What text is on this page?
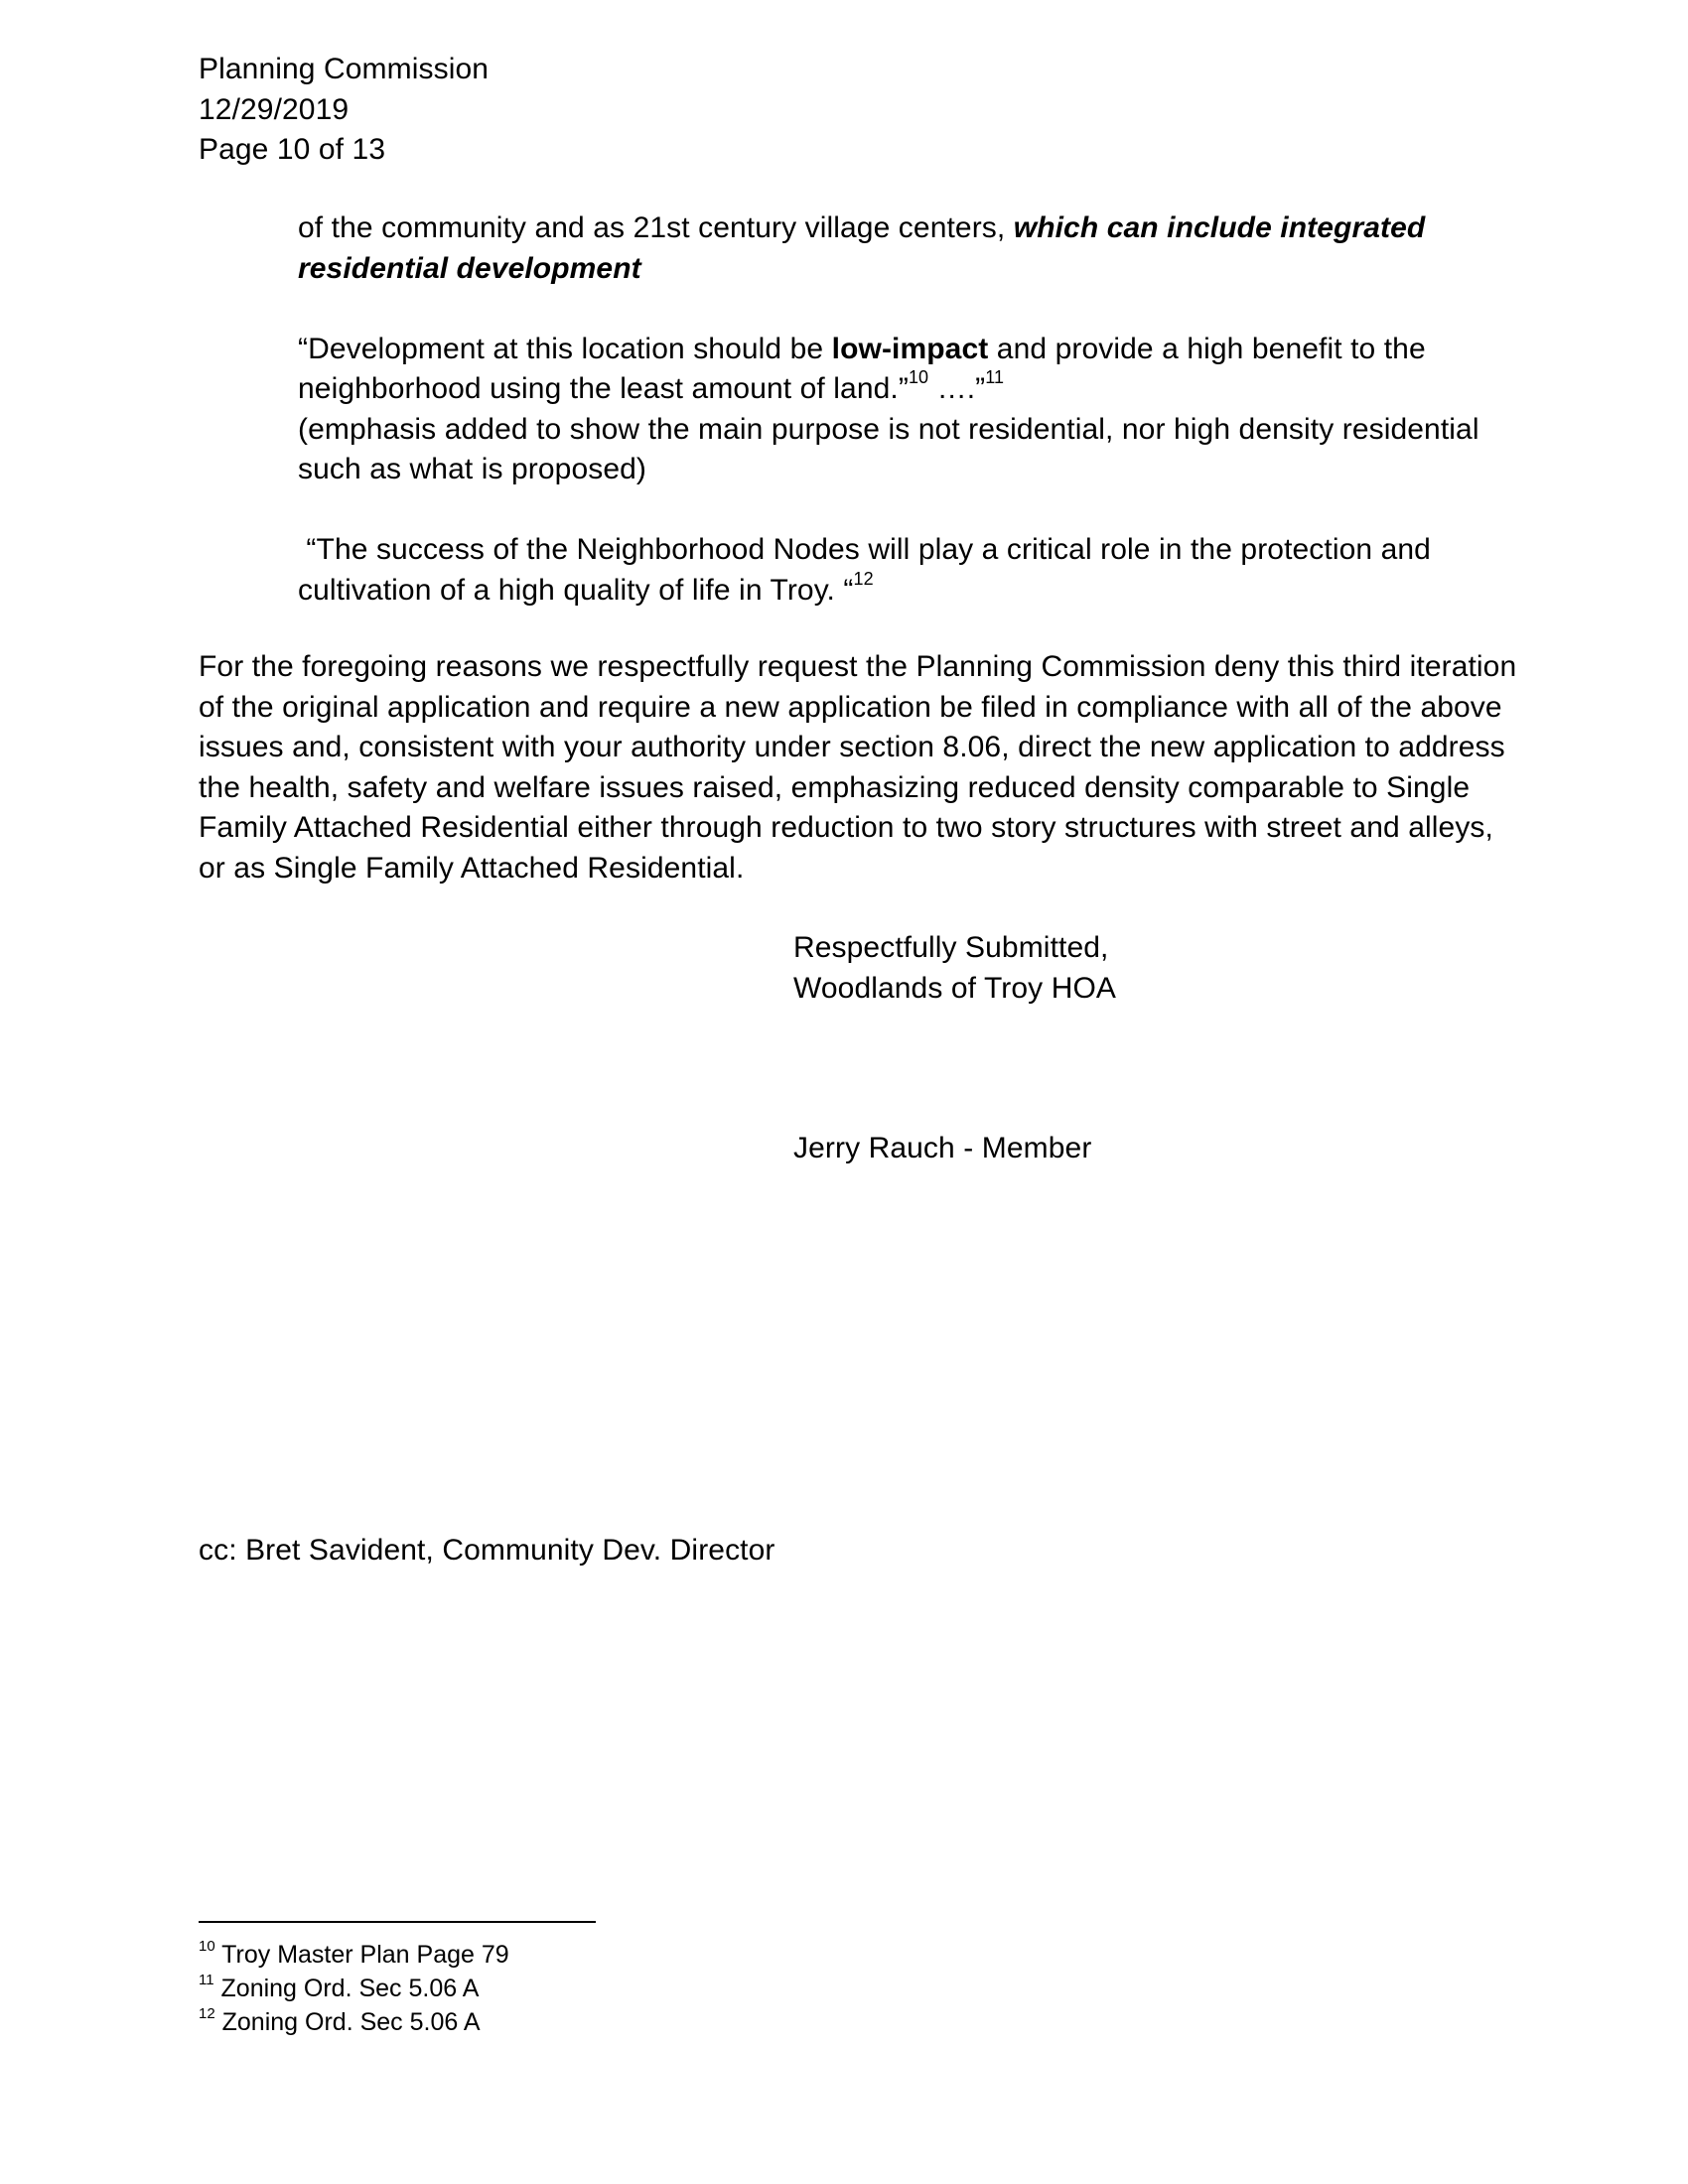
Planning Commission
12/29/2019
Page 10 of 13

of the community and as 21st century village centers, which can include integrated residential development

“Development at this location should be low-impact and provide a high benefit to the neighborhood using the least amount of land.”$^{10}$ ….”$^{11}$

(emphasis added to show the main purpose is not residential, nor high density residential such as what is proposed)

“The success of the Neighborhood Nodes will play a critical role in the protection and cultivation of a high quality of life in Troy. “$^{12}$

For the foregoing reasons we respectfully request the Planning Commission deny this third iteration of the original application and require a new application be filed in compliance with all of the above issues and, consistent with your authority under section 8.06, direct the new application to address the health, safety and welfare issues raised, emphasizing reduced density comparable to Single Family Attached Residential either through reduction to two story structures with street and alleys, or as Single Family Attached Residential.

Respectfully Submitted,
Woodlands of Troy HOA
Jerry Rauch - Member
cc: Bret Savident, Community Dev. Director
$^{10}$ Troy Master Plan Page 79
$^{11}$ Zoning Ord. Sec 5.06 A
$^{12}$ Zoning Ord. Sec 5.06 A
